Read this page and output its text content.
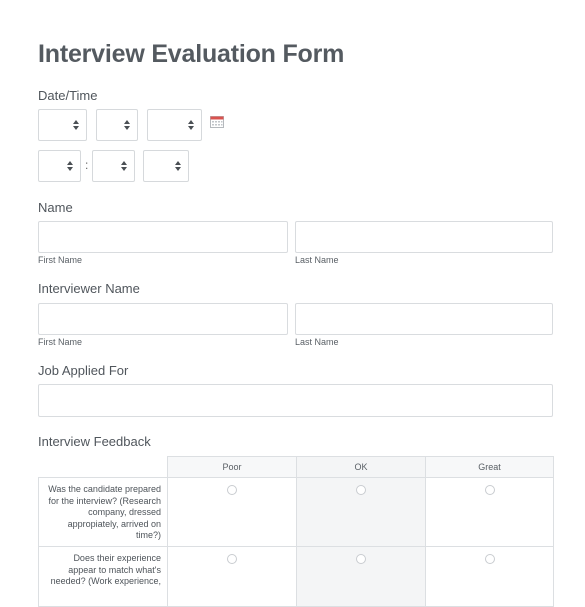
Interview Evaluation Form
Date/Time
:
Name
First Name	Last Name
Interviewer Name
First Name	Last Name
Job Applied For
Interview Feedback
	Poor	OK	Great
Was the candidate prepared for the interview? (Research company, dressed appropiately, arrived on time?)	

Does their experience appear to match what's needed? (Work experience,	
